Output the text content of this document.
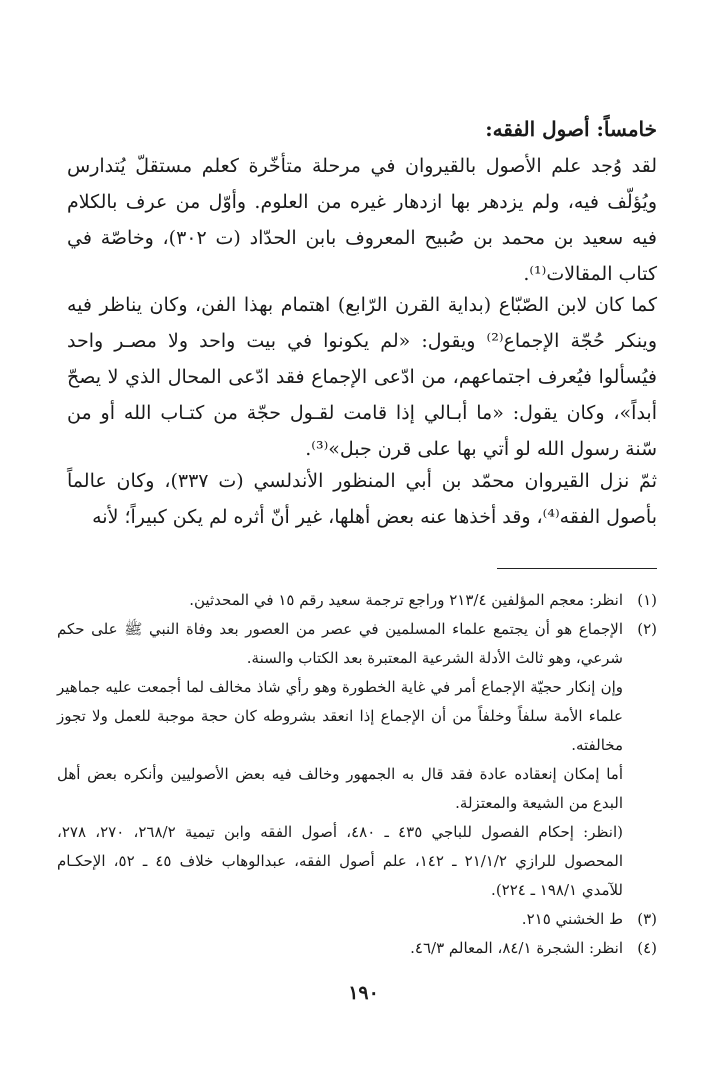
خامساً: أصول الفقه:

لقد وُجد علم الأصول بالقيروان في مرحلة متأخّرة كعلم مستقلّ يُتدارس ويُؤلّف فيه، ولم يزدهر بها ازدهار غيره من العلوم. وأوّل من عرف بالكلام فيه سعيد بن محمد بن صُبيح المعروف بابن الحدّاد (ت ٣٠٢)، وخاصّة في كتاب المقالات⁽¹⁾.

كما كان لابن الصّبّاع (بداية القرن الرّابع) اهتمام بهذا الفن، وكان يناظر فيه وينكر حُجّة الإجماع⁽²⁾ ويقول: «لم يكونوا في بيت واحد ولا مصـر واحد فيُسألوا فيُعرف اجتماعهم، من ادّعى الإجماع فقد ادّعى المحال الذي لا يصحّ أبداً»، وكان يقول: «ما أبـالي إذا قامت لقـول حجّة من كتـاب الله أو من سّنة رسول الله لو أتي بها على قرن جبل»⁽³⁾.

ثمّ نزل القيروان محمّد بن أبي المنظور الأندلسي (ت ٣٣٧)، وكان عالماً بأصول الفقه⁽⁴⁾، وقد أخذها عنه بعض أهلها، غير أنّ أثره لم يكن كبيراً؛ لأنه

(١)
انظر: معجم المؤلفين ٢١٣/٤ وراجع ترجمة سعيد رقم ١٥ في المحدثين.
(٢)
الإجماع هو أن يجتمع علماء المسلمين في عصر من العصور بعد وفاة النبي ﷺ على حكم شرعي، وهو ثالث الأدلة الشرعية المعتبرة بعد الكتاب والسنة.
وإن إنكار حجيّة الإجماع أمر في غاية الخطورة وهو رأي شاذ مخالف لما أجمعت عليه جماهير علماء الأمة سلفاً وخلفاً من أن الإجماع إذا انعقد بشروطه كان حجة موجبة للعمل ولا تجوز مخالفته.
أما إمكان إنعقاده عادة فقد قال به الجمهور وخالف فيه بعض الأصوليين وأنكره بعض أهل البدع من الشيعة والمعتزلة.
(انظر: إحكام الفصول للباجي ٤٣٥ ـ ٤٨٠، أصول الفقه وابن تيمية ٢٦٨/٢، ٢٧٠، ٢٧٨، المحصول للرازي ٢١/١/٢ ـ ١٤٢، علم أصول الفقه، عبدالوهاب خلاف ٤٥ ـ ٥٢، الإحكـام للآمدي ١٩٨/١ ـ ٢٢٤).
(٣)
ط الخشني ٢١٥.
(٤)
انظر: الشجرة ٨٤/١، المعالم ٤٦/٣.
١٩٠
